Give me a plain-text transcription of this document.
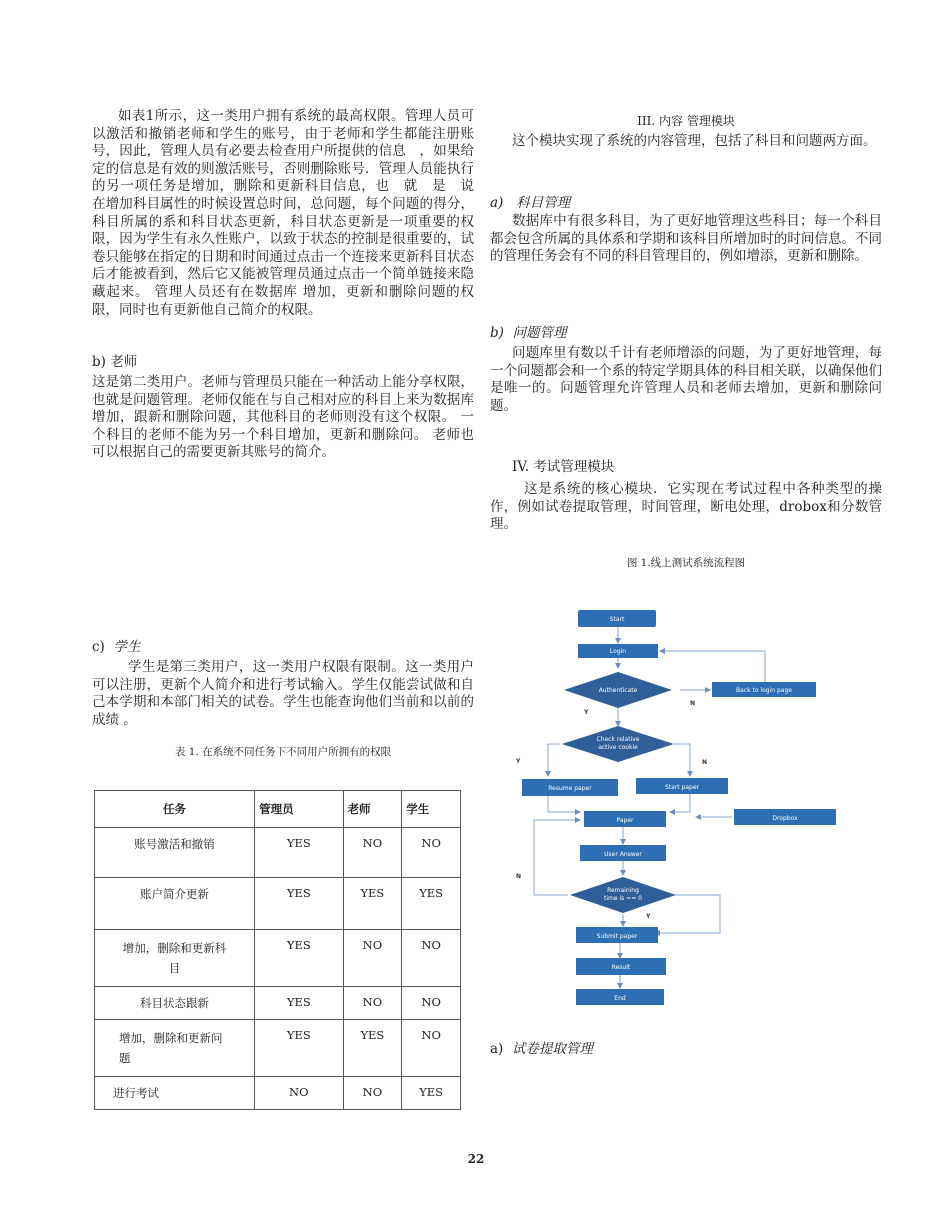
如表1所示，这一类用户拥有系统的最高权限。管理人员可以激活和撤销老师和学生的账号，由于老师和学生都能注册账号，因此，管理人员有必要去检查用户所提供的信息　，如果给定的信息是有效的则激活账号，否则删除账号．管理人员能执行的另一项任务是增加，删除和更新科目信息，也　就　是　说　在增加科目属性的时候设置总时间，总问题，每个问题的得分，科目所属的系和科目状态更新，科目状态更新是一项重要的权限，因为学生有永久性账户，以致于状态的控制是很重要的，试卷只能够在指定的日期和时间通过点击一个连接来更新科目状态后才能被看到，然后它又能被管理员通过点击一个简单链接来隐藏起来。 管理人员还有在数据库 增加，更新和删除问题的权限，同时也有更新他自己简介的权限。

b) 老师

这是第二类用户。老师与管理员只能在一种活动上能分享权限，也就是问题管理。老师仅能在与自己相对应的科目上来为数据库增加，跟新和删除问题，其他科目的老师则没有这个权限。 一个科目的老师不能为另一个科目增加，更新和删除问。 老师也可以根据自己的需要更新其账号的简介。

c) 学生

学生是第三类用户，这一类用户权限有限制。这一类用户可以注册，更新个人简介和进行考试输入。学生仅能尝试做和自己本学期和本部门相关的试卷。学生也能查询他们当前和以前的成绩 。

表 1. 在系统不同任务下不同用户所拥有的权限

任务	管理员	老师	学生
账号激活和撤销	YES	NO	NO
账户简介更新	YES	YES	YES
增加，删除和更新科目	YES	NO	NO
科目状态跟新	YES	NO	NO
增加，删除和更新问题	YES	YES	NO
进行考试	NO	NO	YES

III. 内容 管理模块

这个模块实现了系统的内容管理，包括了科目和问题两方面。

a) 科目管理

数据库中有很多科目，为了更好地管理这些科目；每一个科目都会包含所属的具体系和学期和该科目所增加时的时间信息。不同的管理任务会有不同的科目管理目的，例如增添，更新和删除。

b) 问题管理

问题库里有数以千计有老师增添的问题，为了更好地管理，每一个问题都会和一个系的特定学期具体的科目相关联，以确保他们是唯一的。问题管理允许管理人员和老师去增加，更新和删除问题。

IV. 考试管理模块

这是系统的核心模块．它实现在考试过程中各种类型的操作，例如试卷提取管理，时间管理，断电处理，drobox和分数管理。

图 1.线上测试系统流程图

Start
Login
Authenticate	Back to login page
Check relative
active cookie
Resume paper	Start paper
Paper	Dropbox
User Answer
Remaining
time is == 0
Submit paper
Result
End
N
Y
Y	N
N
Y

a) 试卷提取管理

22
